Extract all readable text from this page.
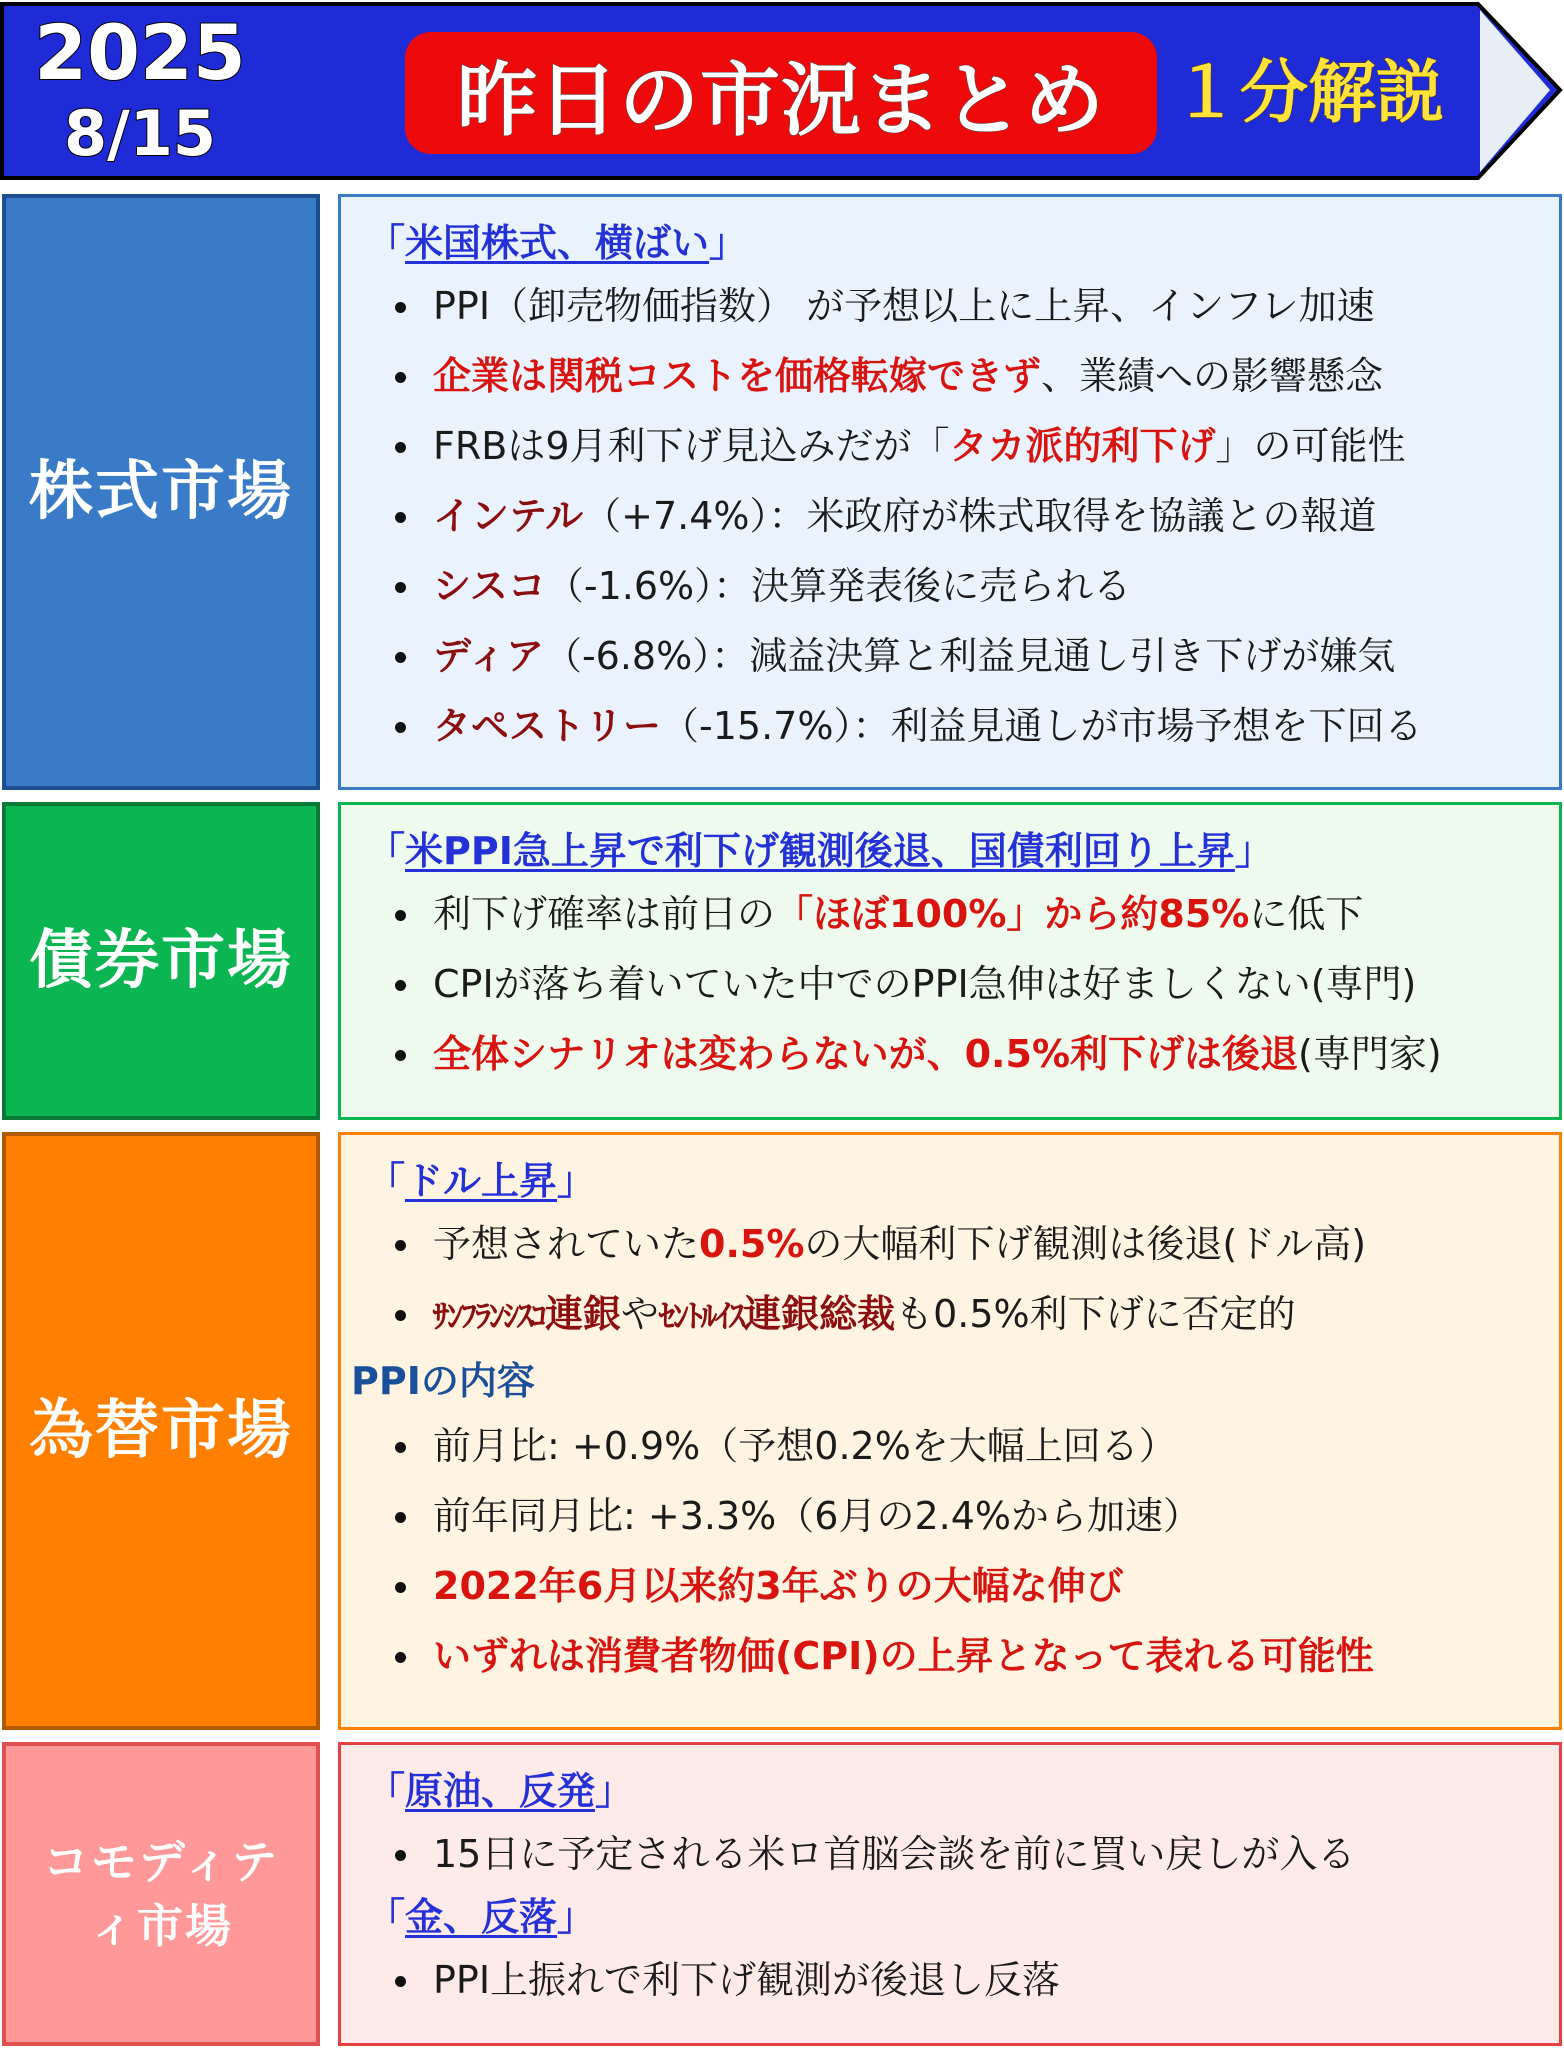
2025
8/15	昨日の市況まとめ １分解説
株式市場
「米国株式、横ばい」
PPI（卸売物価指数） が予想以上に上昇、インフレ加速
企業は関税コストを価格転嫁できず、業績への影響懸念
FRBは9月利下げ見込みだが「タカ派的利下げ」の可能性
インテル（+7.4%）：米政府が株式取得を協議との報道
シスコ（-1.6%）：決算発表後に売られる
ディア（-6.8%）：減益決算と利益見通し引き下げが嫌気
タペストリー（-15.7%）：利益見通しが市場予想を下回る
債券市場
「米PPI急上昇で利下げ観測後退、国債利回り上昇」
利下げ確率は前日の「ほぼ100%」から約85%に低下
CPIが落ち着いていた中でのPPI急伸は好ましくない(専門)
全体シナリオは変わらないが、0.5%利下げは後退(専門家)
為替市場
「ドル上昇」
予想されていた0.5%の大幅利下げ観測は後退(ドル高)
ｻﾝﾌﾗﾝｼｽｺ連銀やｾﾝﾄﾙｲｽ連銀総裁も0.5%利下げに否定的
PPIの内容
前月比: +0.9%（予想0.2%を大幅上回る）
前年同月比: +3.3%（6月の2.4%から加速）
2022年6月以来約3年ぶりの大幅な伸び
いずれは消費者物価(CPI)の上昇となって表れる可能性
コモディテ
ィ市場
「原油、反発」
15日に予定される米ロ首脳会談を前に買い戻しが入る
「金、反落」
PPI上振れで利下げ観測が後退し反落
